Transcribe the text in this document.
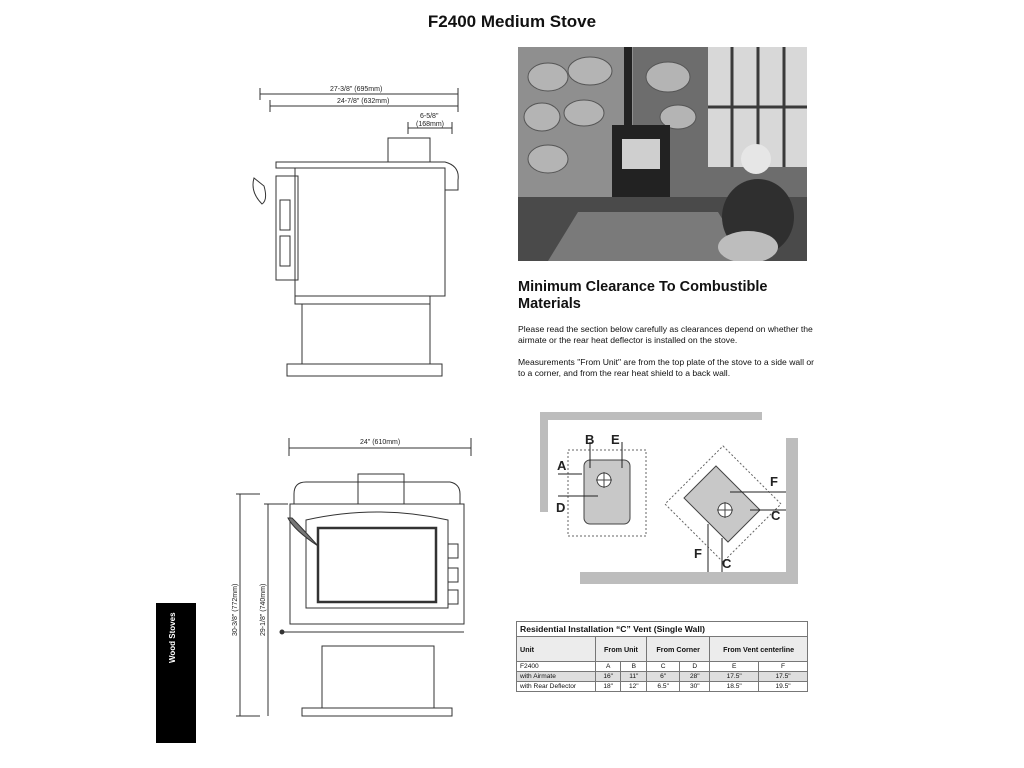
F2400 Medium Stove
27-3/8" (695mm)
24-7/8" (632mm)
6-5/8"
(168mm)
Minimum Clearance To Combustible Materials
Please read the section below carefully as clearances depend on whether the airmate or the rear heat deflector is installed on the stove.
Measurements "From Unit" are from the top plate of the stove to a side wall or to a corner, and from the rear heat shield to a back wall.
24" (610mm)
30-3/8" (772mm)	29-1/8" (740mm)
B E
A
D
F
C
F
C
Residential Installation “C” Vent (Single Wall)						
Unit	From Unit		From Corner		From Vent centerline	
F2400	A	B	C	D	E	F
with Airmate	16"	11"	6"	28"	17.5"	17.5"
with Rear Deflector	18"	12"	6.5"	30"	18.5"	19.5"
Wood Stoves
